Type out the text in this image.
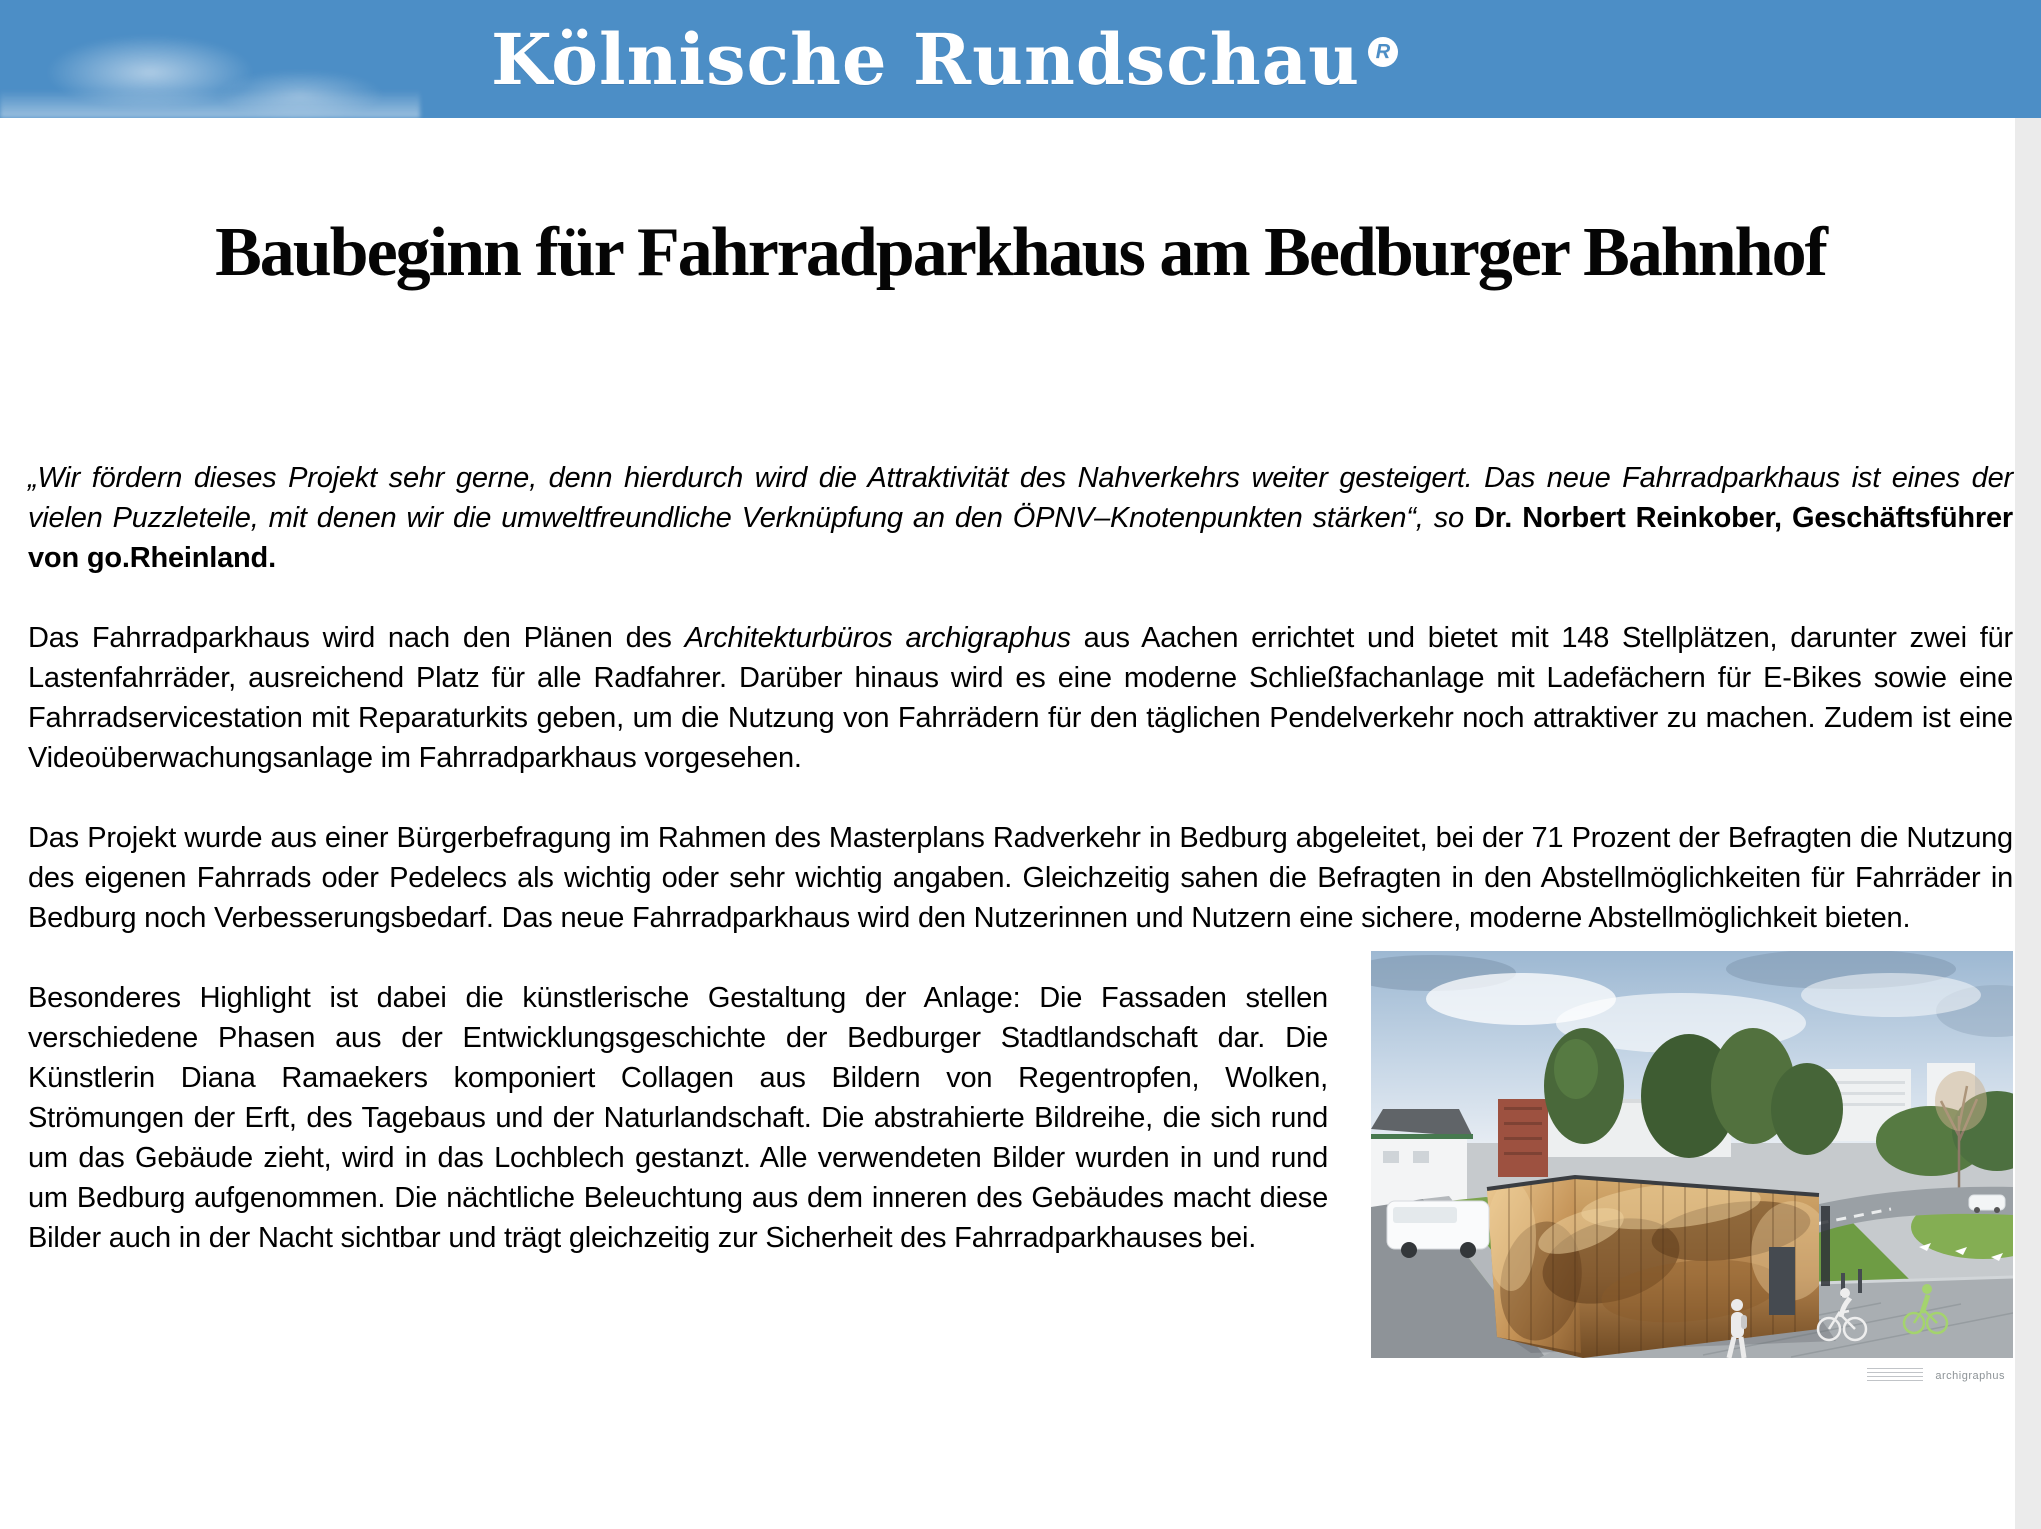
Kölnische Rundschau R
Baubeginn für Fahrradparkhaus am Bedburger Bahnhof

„Wir fördern dieses Projekt sehr gerne, denn hierdurch wird die Attraktivität des Nahverkehrs weiter gesteigert. Das neue Fahrradparkhaus ist eines der vielen Puzzleteile, mit denen wir die umweltfreundliche Verknüpfung an den ÖPNV–Knotenpunkten stärken“, so Dr. Norbert Reinkober, Geschäftsführer von go.Rheinland.

Das Fahrradparkhaus wird nach den Plänen des Architekturbüros archigraphus aus Aachen errichtet und bietet mit 148 Stellplätzen, darunter zwei für Lastenfahrräder, ausreichend Platz für alle Radfahrer. Darüber hinaus wird es eine moderne Schließfachanlage mit Ladefächern für E-Bikes sowie eine Fahrradservicestation mit Reparaturkits geben, um die Nutzung von Fahrrädern für den täglichen Pendelverkehr noch attraktiver zu machen. Zudem ist eine Videoüberwachungsanlage im Fahrradparkhaus vorgesehen.

Das Projekt wurde aus einer Bürgerbefragung im Rahmen des Masterplans Radverkehr in Bedburg abgeleitet, bei der 71 Prozent der Befragten die Nutzung des eigenen Fahrrads oder Pedelecs als wichtig oder sehr wichtig angaben. Gleichzeitig sahen die Befragten in den Abstellmöglichkeiten für Fahrräder in Bedburg noch Verbesserungsbedarf. Das neue Fahrradparkhaus wird den Nutzerinnen und Nutzern eine sichere, moderne Abstellmöglichkeit bieten.

Besonderes Highlight ist dabei die künstlerische Gestaltung der Anlage: Die Fassaden stellen verschiedene Phasen aus der Entwicklungsgeschichte der Bedburger Stadtlandschaft dar. Die Künstlerin Diana Ramaekers komponiert Collagen aus Bildern von Regentropfen, Wolken, Strömungen der Erft, des Tagebaus und der Naturlandschaft. Die abstrahierte Bildreihe, die sich rund um das Gebäude zieht, wird in das Lochblech gestanzt. Alle verwendeten Bilder wurden in und rund um Bedburg aufgenommen. Die nächtliche Beleuchtung aus dem inneren des Gebäudes macht diese Bilder auch in der Nacht sichtbar und trägt gleichzeitig zur Sicherheit des Fahrradparkhauses bei.

archigraphus
